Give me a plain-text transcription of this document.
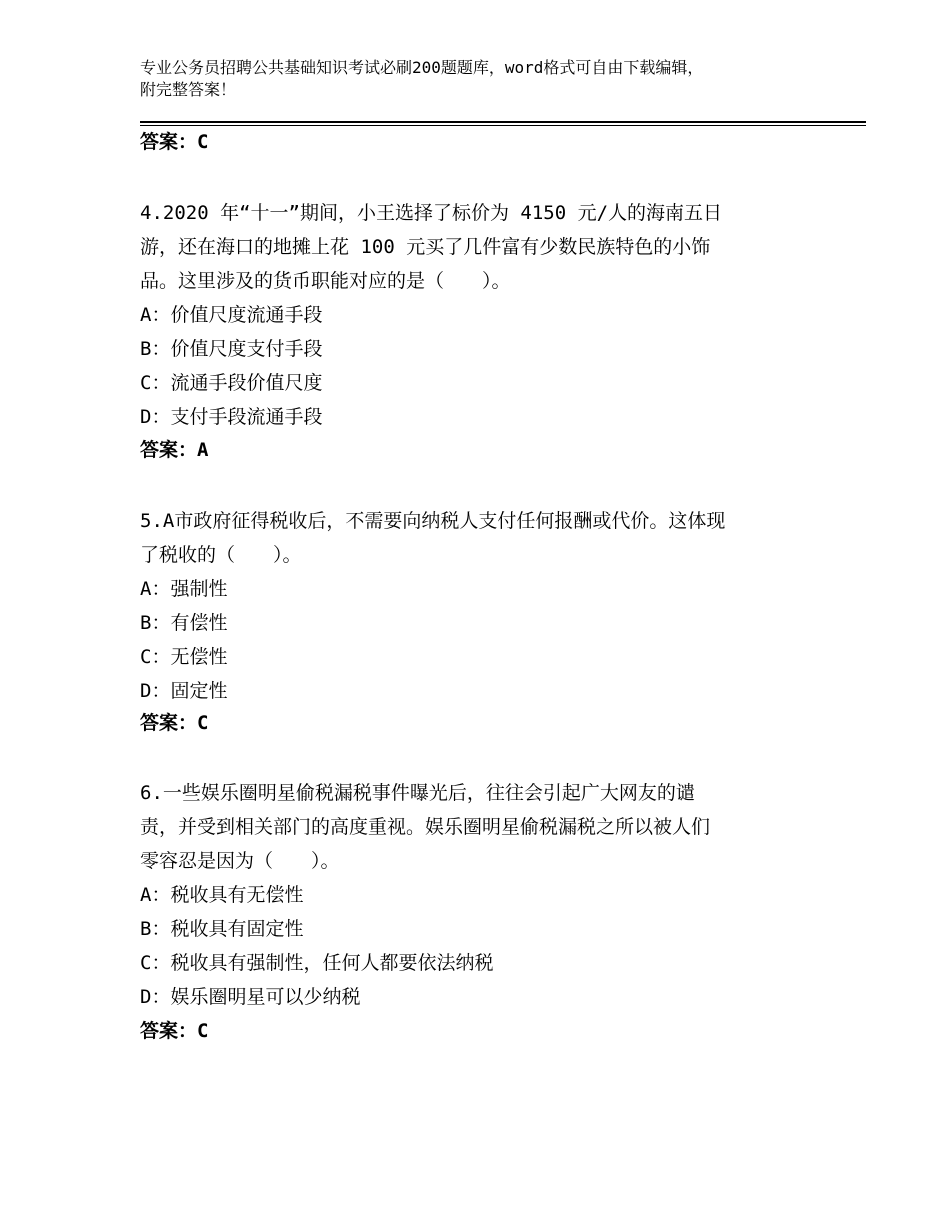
专业公务员招聘公共基础知识考试必刷200题题库，word格式可自由下载编辑，
附完整答案！
答案：C
4.2020 年“十一”期间，小王选择了标价为 4150 元/人的海南五日
游，还在海口的地摊上花 100 元买了几件富有少数民族特色的小饰
品。这里涉及的货币职能对应的是（　　）。
A：价值尺度流通手段
B：价值尺度支付手段
C：流通手段价值尺度
D：支付手段流通手段
答案：A
5.A市政府征得税收后，不需要向纳税人支付任何报酬或代价。这体现
了税收的（　　）。
A：强制性
B：有偿性
C：无偿性
D：固定性
答案：C
6.一些娱乐圈明星偷税漏税事件曝光后，往往会引起广大网友的谴
责，并受到相关部门的高度重视。娱乐圈明星偷税漏税之所以被人们
零容忍是因为（　　）。
A：税收具有无偿性
B：税收具有固定性
C：税收具有强制性，任何人都要依法纳税
D：娱乐圈明星可以少纳税
答案：C
